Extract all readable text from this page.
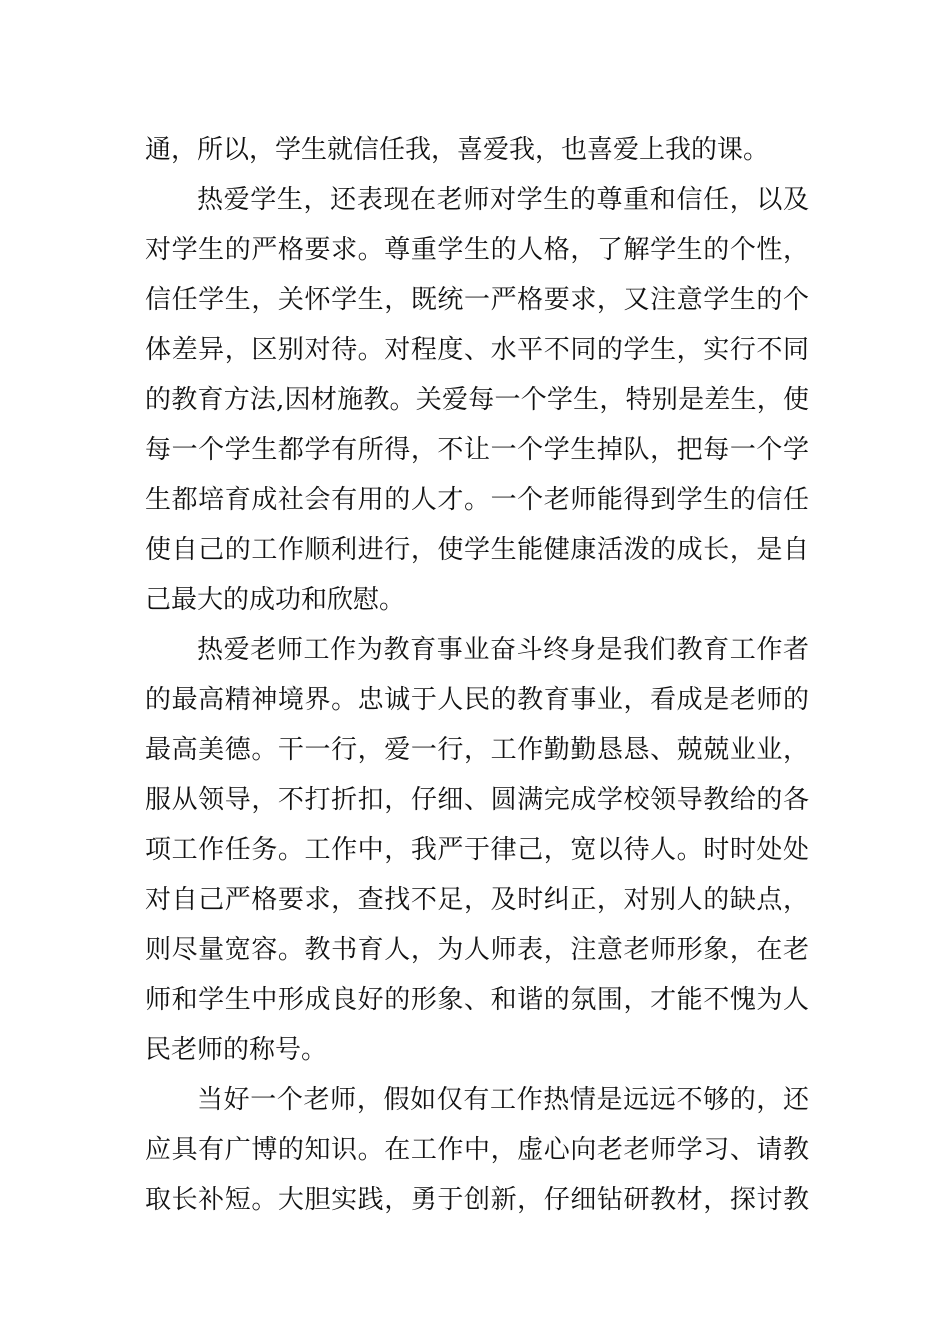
通，所以，学生就信任我，喜爱我，也喜爱上我的课。
热爱学生，还表现在老师对学生的尊重和信任，以及
对学生的严格要求。尊重学生的人格，了解学生的个性，
信任学生，关怀学生，既统一严格要求，又注意学生的个
体差异，区别对待。对程度、水平不同的学生，实行不同
的教育方法,因材施教。关爱每一个学生，特别是差生，使
每一个学生都学有所得，不让一个学生掉队，把每一个学
生都培育成社会有用的人才。一个老师能得到学生的信任
使自己的工作顺利进行，使学生能健康活泼的成长，是自
己最大的成功和欣慰。
热爱老师工作为教育事业奋斗终身是我们教育工作者
的最高精神境界。忠诚于人民的教育事业，看成是老师的
最高美德。干一行，爱一行，工作勤勤恳恳、兢兢业业，
服从领导，不打折扣，仔细、圆满完成学校领导教给的各
项工作任务。工作中，我严于律己，宽以待人。时时处处
对自己严格要求，查找不足，及时纠正，对别人的缺点，
则尽量宽容。教书育人，为人师表，注意老师形象，在老
师和学生中形成良好的形象、和谐的氛围，才能不愧为人
民老师的称号。
当好一个老师，假如仅有工作热情是远远不够的，还
应具有广博的知识。在工作中，虚心向老老师学习、请教
取长补短。大胆实践，勇于创新，仔细钻研教材，探讨教
